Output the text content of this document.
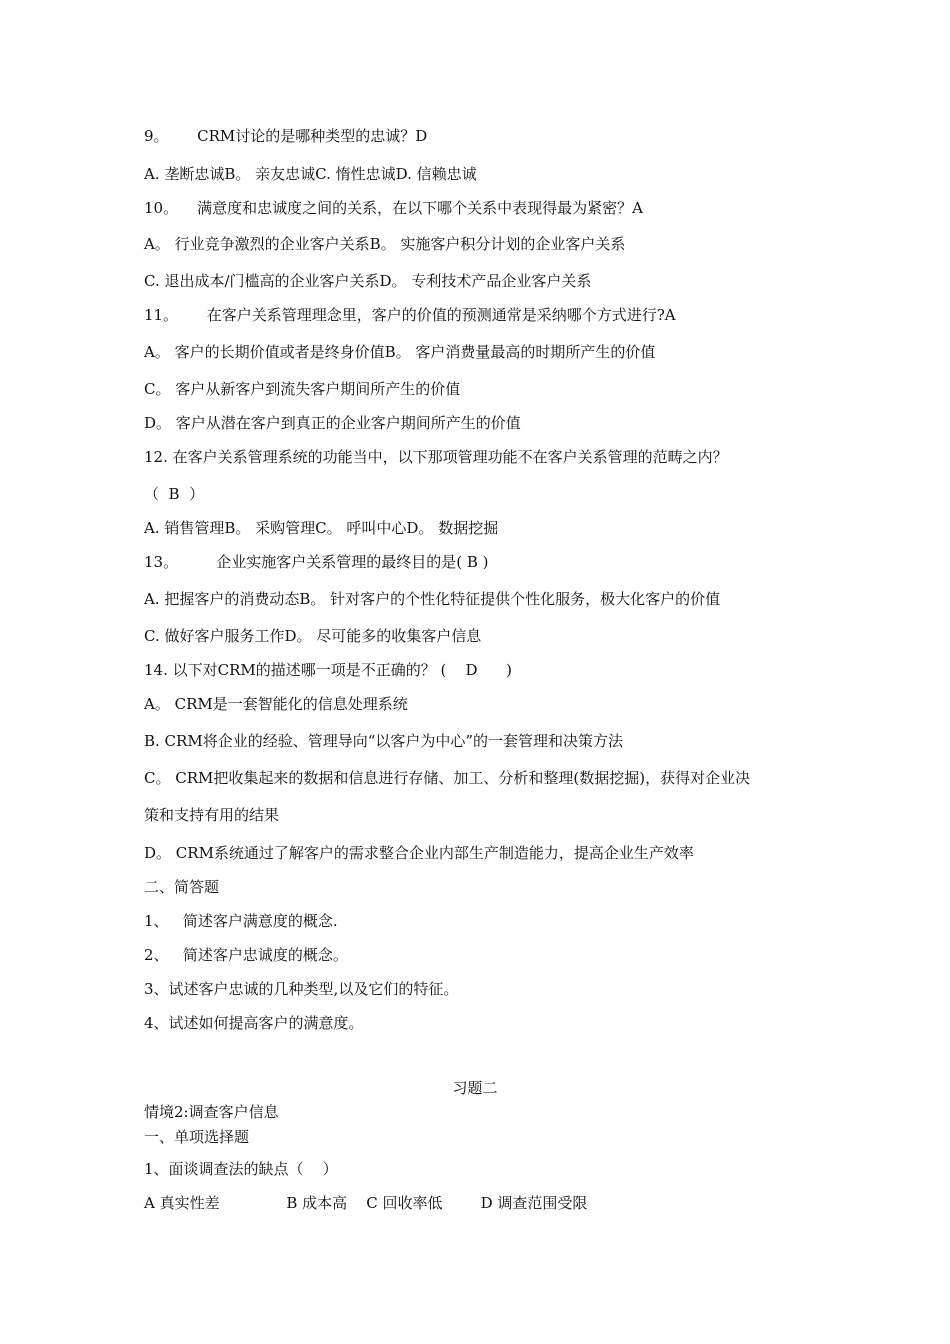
9。      CRM讨论的是哪种类型的忠诚？D
A. 垄断忠诚B。 亲友忠诚C. 惰性忠诚D. 信赖忠诚
10。    满意度和忠诚度之间的关系，在以下哪个关系中表现得最为紧密？A
A。 行业竞争激烈的企业客户关系B。 实施客户积分计划的企业客户关系
C. 退出成本/门槛高的企业客户关系D。 专利技术产品企业客户关系
11。      在客户关系管理理念里，客户的价值的预测通常是采纳哪个方式进行?A
A。 客户的长期价值或者是终身价值B。 客户消费量最高的时期所产生的价值
C。 客户从新客户到流失客户期间所产生的价值
D。 客户从潜在客户到真正的企业客户期间所产生的价值
12. 在客户关系管理系统的功能当中，以下那项管理功能不在客户关系管理的范畴之内？
（  B  ）
A. 销售管理B。 采购管理C。 呼叫中心D。 数据挖掘
13。        企业实施客户关系管理的最终目的是( B )
A. 把握客户的消费动态B。 针对客户的个性化特征提供个性化服务，极大化客户的价值
C. 做好客户服务工作D。 尽可能多的收集客户信息
14. 以下对CRM的描述哪一项是不正确的？ (    D      )
A。 CRM是一套智能化的信息处理系统
B. CRM将企业的经验、管理导向“以客户为中心”的一套管理和决策方法
C。 CRM把收集起来的数据和信息进行存储、加工、分析和整理(数据挖掘)，获得对企业决
策和支持有用的结果
D。 CRM系统通过了解客户的需求整合企业内部生产制造能力，提高企业生产效率
二、简答题
1、   简述客户满意度的概念.
2、   简述客户忠诚度的概念。
3、试述客户忠诚的几种类型,以及它们的特征。
4、试述如何提高客户的满意度。
习题二
情境2:调查客户信息
一、单项选择题
1、面谈调查法的缺点（    ）
A 真实性差              B 成本高    C 回收率低        D 调查范围受限
